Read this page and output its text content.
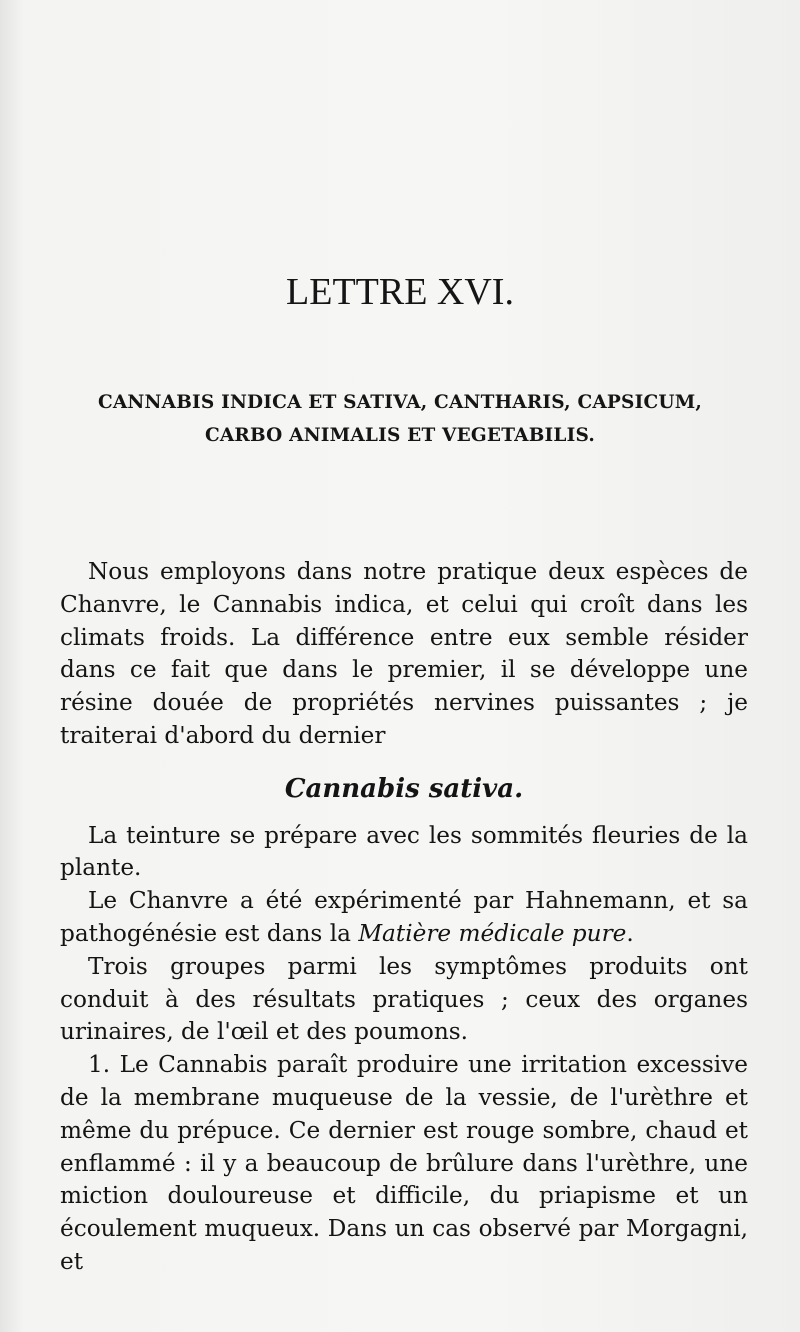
LETTRE XVI.
CANNABIS INDICA ET SATIVA, CANTHARIS, CAPSICUM,
CARBO ANIMALIS ET VEGETABILIS.

Nous employons dans notre pratique deux espèces de Chanvre, le Cannabis indica, et celui qui croît dans les climats froids. La différence entre eux semble résider dans ce fait que dans le premier, il se développe une résine douée de propriétés nervines puissantes ; je traiterai d'abord du dernier

Cannabis sativa.

La teinture se prépare avec les sommités fleuries de la plante.

Le Chanvre a été expérimenté par Hahnemann, et sa pathogénésie est dans la Matière médicale pure.

Trois groupes parmi les symptômes produits ont conduit à des résultats pratiques ; ceux des organes urinaires, de l'œil et des poumons.

1. Le Cannabis paraît produire une irritation excessive de la membrane muqueuse de la vessie, de l'urèthre et même du prépuce. Ce dernier est rouge sombre, chaud et enflammé : il y a beaucoup de brûlure dans l'urèthre, une miction douloureuse et difficile, du priapisme et un écoulement muqueux. Dans un cas observé par Morgagni, et
